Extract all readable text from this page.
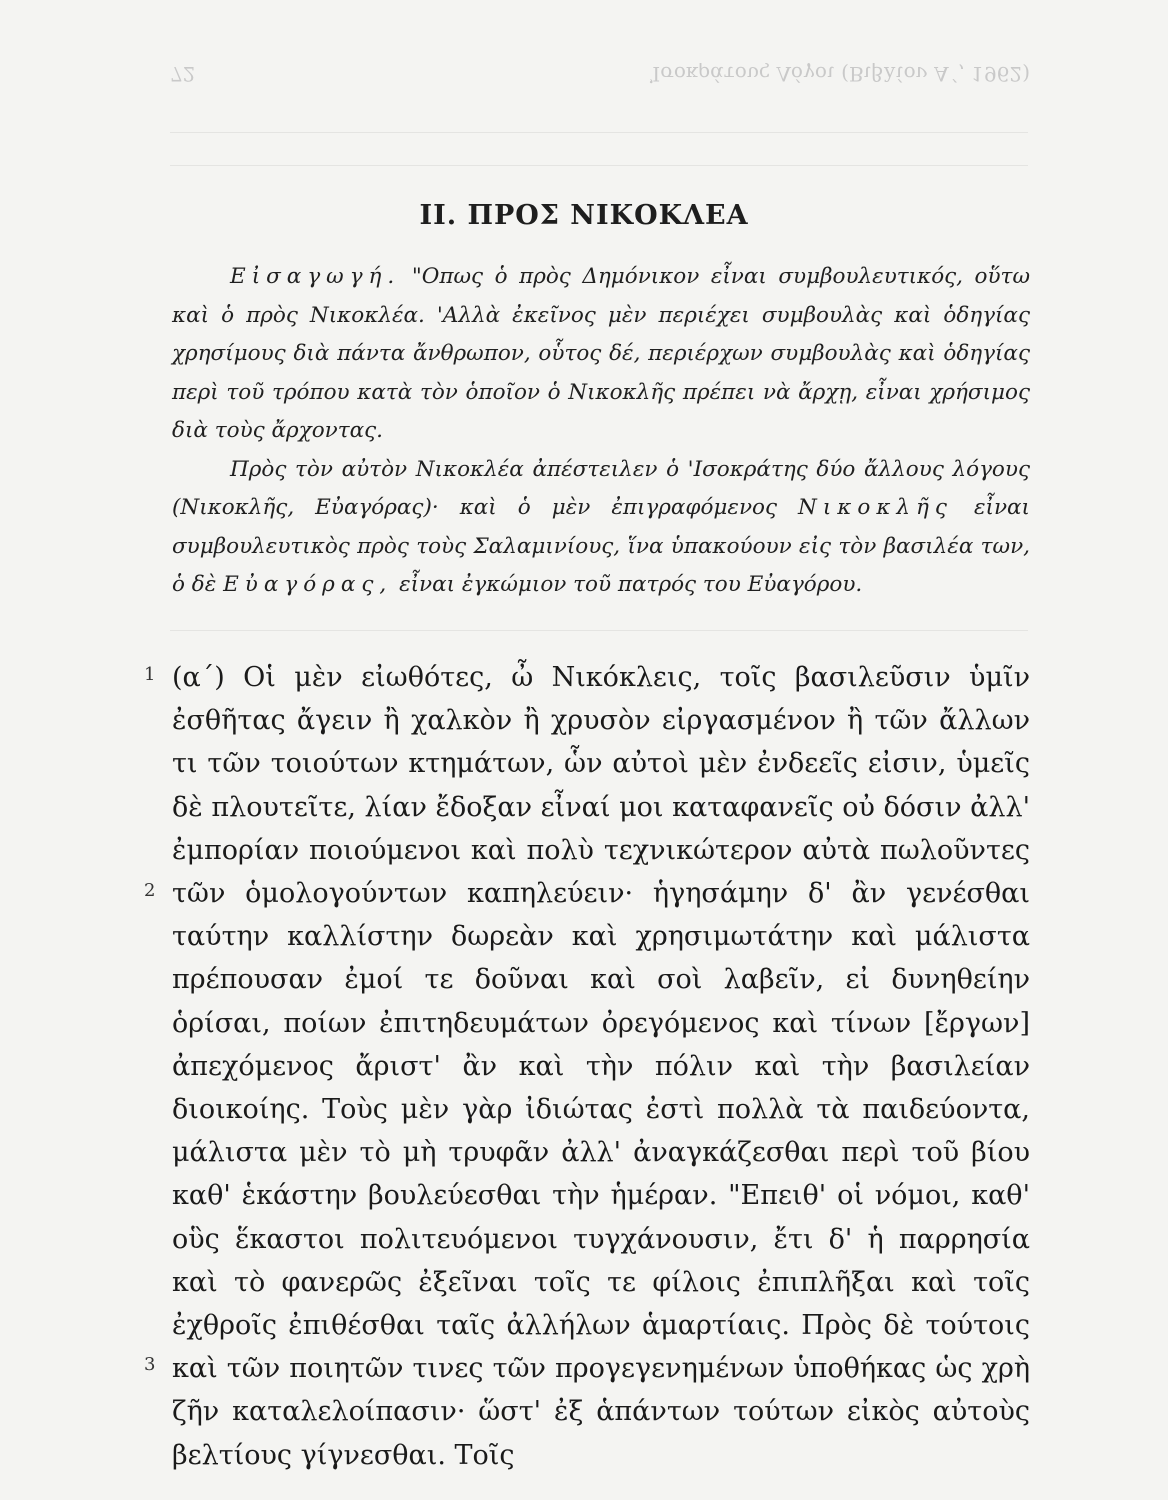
72	Ἰσοκράτους Λόγοι (Βιβλίον Α΄, 1962)
ΙΙ. ΠΡΟΣ ΝΙΚΟΚΛΕΑ

Εἰσαγωγή. "Οπως ὁ πρὸς Δημόνικον εἶναι συμβουλευτικός, οὕτω καὶ ὁ πρὸς Νικοκλέα. 'Αλλὰ ἐκεῖνος μὲν περιέχει συμβουλὰς καὶ ὁδηγίας χρησίμους διὰ πάντα ἄνθρωπον, οὗτος δέ, περιέρχων συμβουλὰς καὶ ὁδηγίας περὶ τοῦ τρόπου κατὰ τὸν ὁποῖον ὁ Νικοκλῆς πρέπει νὰ ἄρχῃ, εἶναι χρήσιμος διὰ τοὺς ἄρχοντας.

Πρὸς τὸν αὐτὸν Νικοκλέα ἀπέστειλεν ὁ 'Ισοκράτης δύο ἄλλους λόγους (Νικοκλῆς, Εὐαγόρας)· καὶ ὁ μὲν ἐπιγραφόμενος Νικοκλῆς εἶναι συμβουλευτικὸς πρὸς τοὺς Σαλαμινίους, ἵνα ὑπακούουν εἰς τὸν βασιλέα των, ὁ δὲ Εὐαγόρας, εἶναι ἐγκώμιον τοῦ πατρός του Εὐαγόρου.

1
2
3

(α΄) Οἱ μὲν εἰωθότες, ὦ Νικόκλεις, τοῖς βασιλεῦσιν ὑμῖν ἐσθῆτας ἄγειν ἢ χαλκὸν ἢ χρυσὸν εἰργασμένον ἢ τῶν ἄλλων τι τῶν τοιούτων κτημάτων, ὧν αὐτοὶ μὲν ἐνδεεῖς εἰσιν, ὑμεῖς δὲ πλουτεῖτε, λίαν ἔδοξαν εἶναί μοι καταφανεῖς οὐ δόσιν ἀλλ' ἐμπορίαν ποιούμενοι καὶ πολὺ τεχνικώτερον αὐτὰ πωλοῦντες τῶν ὁμολογούντων καπηλεύειν· ἡγησάμην δ' ἂν γενέσθαι ταύτην καλλίστην δωρεὰν καὶ χρησιμωτάτην καὶ μάλιστα πρέπουσαν ἐμοί τε δοῦναι καὶ σοὶ λαβεῖν, εἰ δυνηθείην ὁρίσαι, ποίων ἐπιτηδευμάτων ὀρεγόμενος καὶ τίνων [ἔργων] ἀπεχόμενος ἄριστ' ἂν καὶ τὴν πόλιν καὶ τὴν βασιλείαν διοικοίης. Τοὺς μὲν γὰρ ἰδιώτας ἐστὶ πολλὰ τὰ παιδεύοντα, μάλιστα μὲν τὸ μὴ τρυφᾶν ἀλλ' ἀναγκάζεσθαι περὶ τοῦ βίου καθ' ἑκάστην βουλεύεσθαι τὴν ἡμέραν. "Επειθ' οἱ νόμοι, καθ' οὓς ἕκαστοι πολιτευόμενοι τυγχάνουσιν, ἔτι δ' ἡ παρρησία καὶ τὸ φανερῶς ἐξεῖναι τοῖς τε φίλοις ἐπιπλῆξαι καὶ τοῖς ἐχθροῖς ἐπιθέσθαι ταῖς ἀλλήλων ἁμαρτίαις. Πρὸς δὲ τούτοις καὶ τῶν ποιητῶν τινες τῶν προγεγενημένων ὑποθήκας ὡς χρὴ ζῆν καταλελοίπασιν· ὥστ' ἐξ ἁπάντων τούτων εἰκὸς αὐτοὺς βελτίους γίγνεσθαι. Τοῖς
